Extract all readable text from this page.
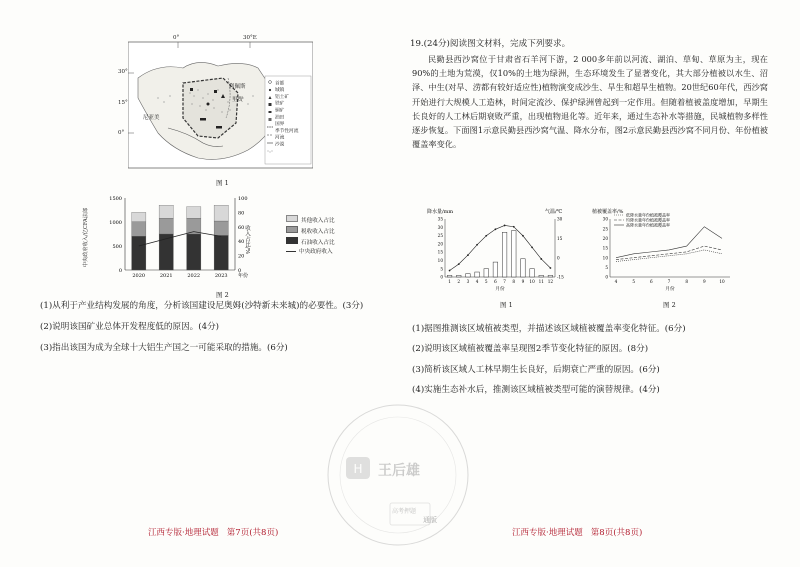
0°	30°E
30°
15°
0°
尼亚美
利佩斯
里贾
首都
城镇
铝土矿
铁矿
铜矿
油田
国界
季节性河流
河流
沙漠
图 1
0
500
1000
1500
0
20
40
60
80
100
2020	2021	2022	2023 年份
中央政府收入/亿CFA法郎	收入占比/%
其他收入占比
税收收入占比
石油收入占比
中央政府收入
图 2
(1)从利于产业结构发展的角度，分析该国建设尼奥姆(沙特新未来城)的必要性。(3分)
(2)说明该国矿业总体开发程度低的原因。(4分)
(3)指出该国为成为全球十大铝生产国之一可能采取的措施。(6分)
19.(24分)阅读图文材料，完成下列要求。
民勤县西沙窝位于甘肃省石羊河下游，2 000多年前以河流、湖泊、草甸、草原为主，现在90%的土地为荒漠，仅10%的土地为绿洲，生态环境发生了显著变化，其大部分植被以水生、沼泽、中生(对旱、涝都有较好适应性)植物演变成沙生、旱生和超旱生植物。20世纪60年代，西沙窝开始进行大规模人工造林，时间定流沙、保护绿洲曾起到一定作用。但随着植被盖度增加，早期生长良好的人工林后期衰败严重，出现植物退化等。近年来，通过生态补水等措施，民城植物多样性逐步恢复。下面图1示意民勤县西沙窝气温、降水分布，图2示意民勤县西沙窝不同月份、年份植被覆盖率变化。
降水量/mm	气温/℃
0
5
10
15
20
25
30
35
-15
0
15
30
1 2 3 4 5 6 7 8 9 10 11 12
月份
图 1
植被覆盖率/%
0
5
10
15
20
25
30
4	5	6	7	8	9	10
低降水量年份植被覆盖率
均降水量年份植被覆盖率
高降水量年份植被覆盖率
月份
图 2
(1)据图推测该区域植被类型，并描述该区域植被覆盖率变化特征。(6分)
(2)说明该区域植被覆盖率呈现图2季节变化特征的原因。(8分)
(3)简析该区域人工林早期生长良好，后期衰亡严重的原因。(6分)
(4)实施生态补水后，推测该区域植被类型可能的演替规律。(4分)
H 王后雄
高考押题
通版
江西专版·地理试题   第7页(共8页)	江西专版·地理试题   第8页(共8页)
